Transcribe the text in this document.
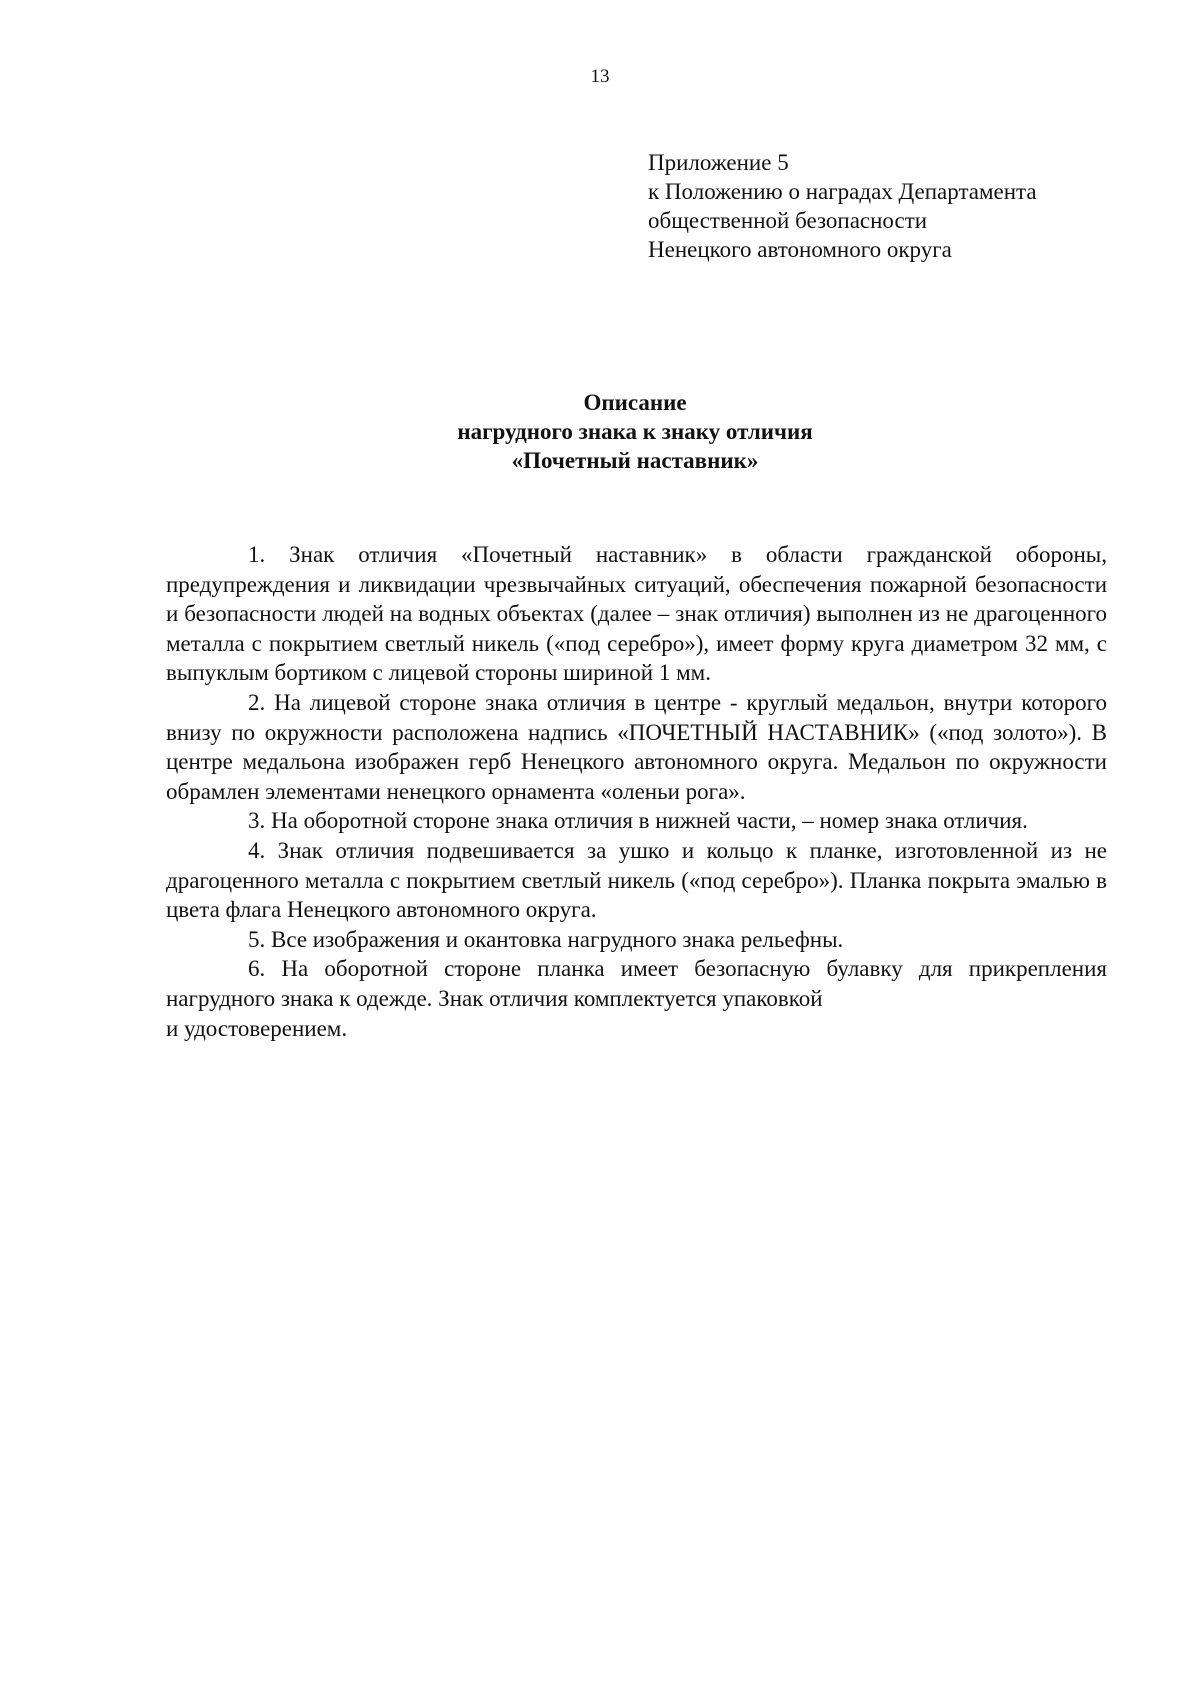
13
Приложение 5
к Положению о наградах Департамента
общественной безопасности
Ненецкого автономного округа
Описание
нагрудного знака к знаку отличия
«Почетный наставник»

1. Знак отличия «Почетный наставник» в области гражданской обороны, предупреждения и ликвидации чрезвычайных ситуаций, обеспечения пожарной безопасности и безопасности людей на водных объектах (далее – знак отличия) выполнен из не драгоценного металла с покрытием светлый никель («под серебро»), имеет форму круга диаметром 32 мм, с выпуклым бортиком с лицевой стороны шириной 1 мм.

2. На лицевой стороне знака отличия в центре - круглый медальон, внутри которого внизу по окружности расположена надпись «ПОЧЕТНЫЙ НАСТАВНИК» («под золото»). В центре медальона изображен герб Ненецкого автономного округа. Медальон по окружности обрамлен элементами ненецкого орнамента «оленьи рога».

3. На оборотной стороне знака отличия в нижней части, – номер знака отличия.

4. Знак отличия подвешивается за ушко и кольцо к планке, изготовленной из не драгоценного металла с покрытием светлый никель («под серебро»). Планка покрыта эмалью в цвета флага Ненецкого автономного округа.

5. Все изображения и окантовка нагрудного знака рельефны.

6. На оборотной стороне планка имеет безопасную булавку для прикрепления нагрудного знака к одежде. Знак отличия комплектуется упаковкой

и удостоверением.
